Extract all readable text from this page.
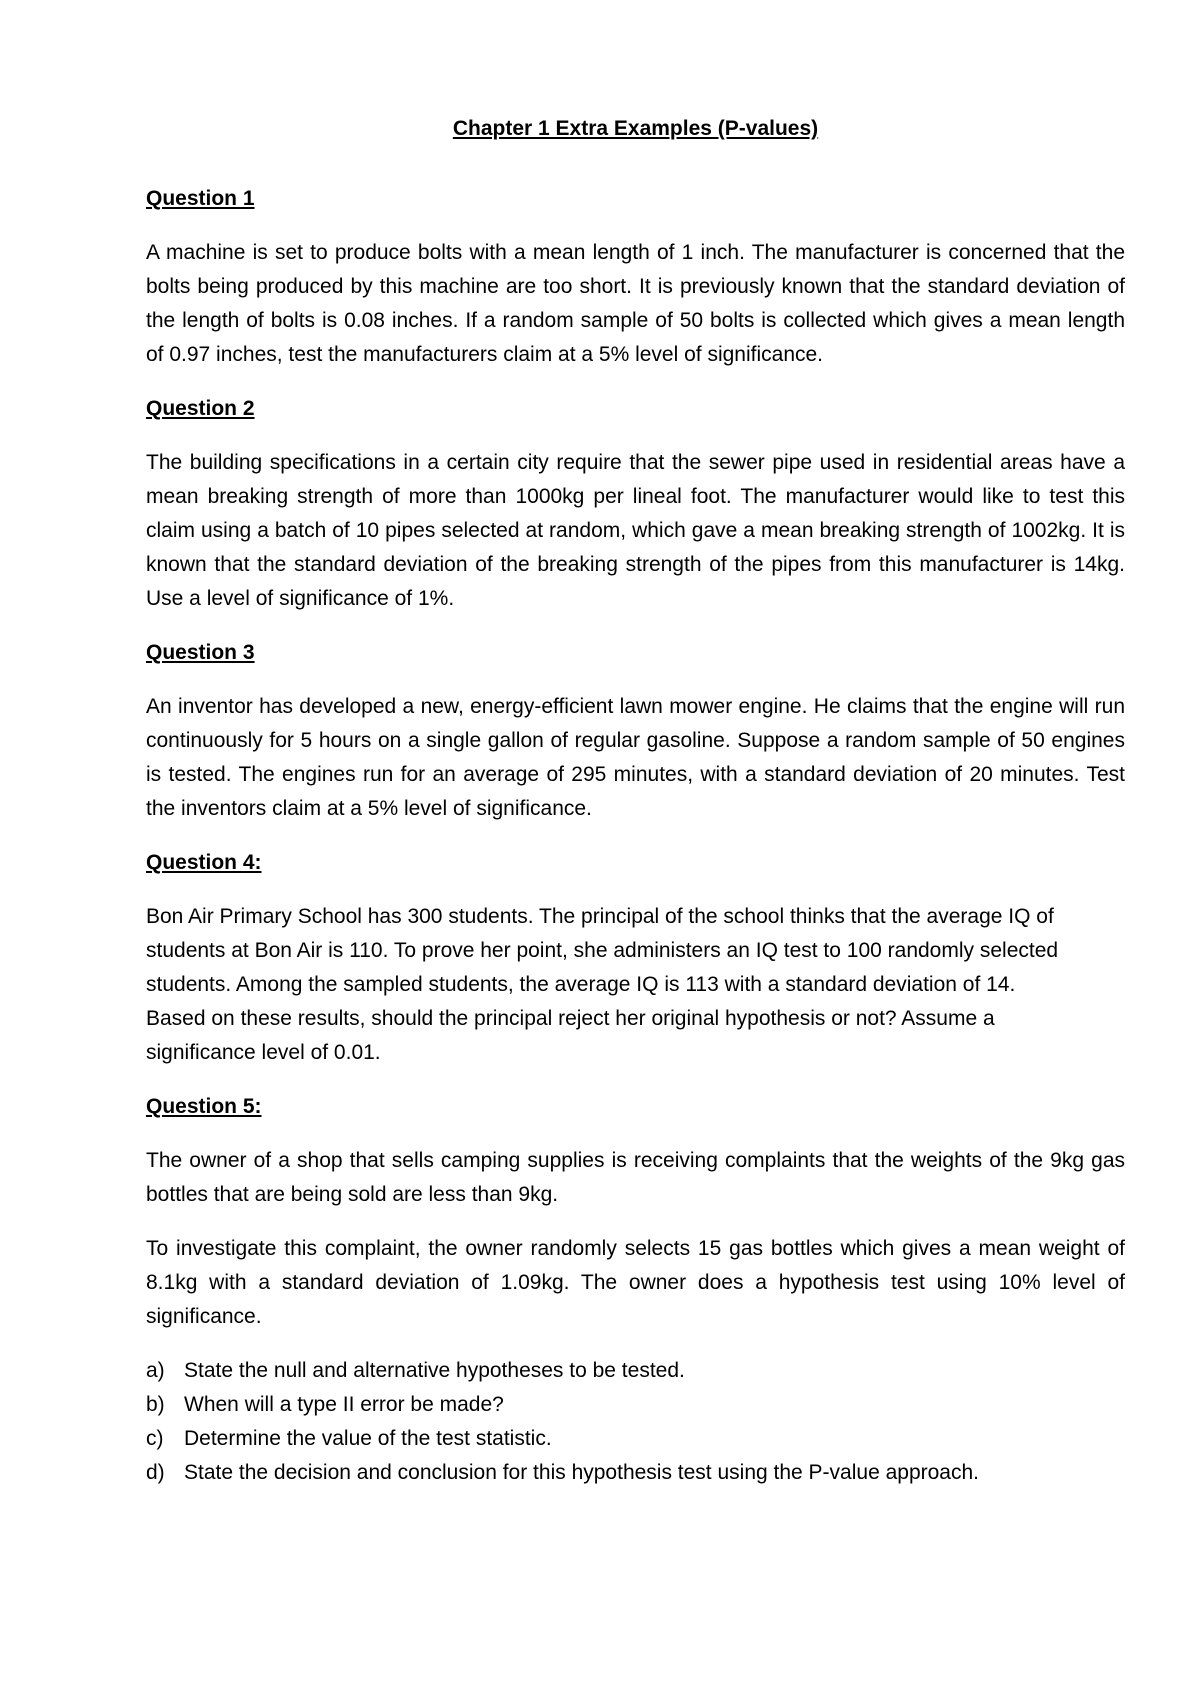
Chapter 1 Extra Examples (P-values)
Question 1

A machine is set to produce bolts with a mean length of 1 inch. The manufacturer is concerned that the bolts being produced by this machine are too short. It is previously known that the standard deviation of the length of bolts is 0.08 inches. If a random sample of 50 bolts is collected which gives a mean length of 0.97 inches, test the manufacturers claim at a 5% level of significance.

Question 2

The building specifications in a certain city require that the sewer pipe used in residential areas have a mean breaking strength of more than 1000kg per lineal foot. The manufacturer would like to test this claim using a batch of 10 pipes selected at random, which gave a mean breaking strength of 1002kg. It is known that the standard deviation of the breaking strength of the pipes from this manufacturer is 14kg. Use a level of significance of 1%.

Question 3

An inventor has developed a new, energy-efficient lawn mower engine. He claims that the engine will run continuously for 5 hours on a single gallon of regular gasoline. Suppose a random sample of 50 engines is tested. The engines run for an average of 295 minutes, with a standard deviation of 20 minutes. Test the inventors claim at a 5% level of significance.

Question 4:
Bon Air Primary School has 300 students. The principal of the school thinks that the average IQ of
students at Bon Air is 110. To prove her point, she administers an IQ test to 100 randomly selected
students. Among the sampled students, the average IQ is 113 with a standard deviation of 14.
Based on these results, should the principal reject her original hypothesis or not? Assume a
significance level of 0.01.
Question 5:

The owner of a shop that sells camping supplies is receiving complaints that the weights of the 9kg gas bottles that are being sold are less than 9kg.

To investigate this complaint, the owner randomly selects 15 gas bottles which gives a mean weight of 8.1kg with a standard deviation of 1.09kg. The owner does a hypothesis test using 10% level of significance.

a) State the null and alternative hypotheses to be tested.
b) When will a type II error be made?
c) Determine the value of the test statistic.
d) State the decision and conclusion for this hypothesis test using the P-value approach.
